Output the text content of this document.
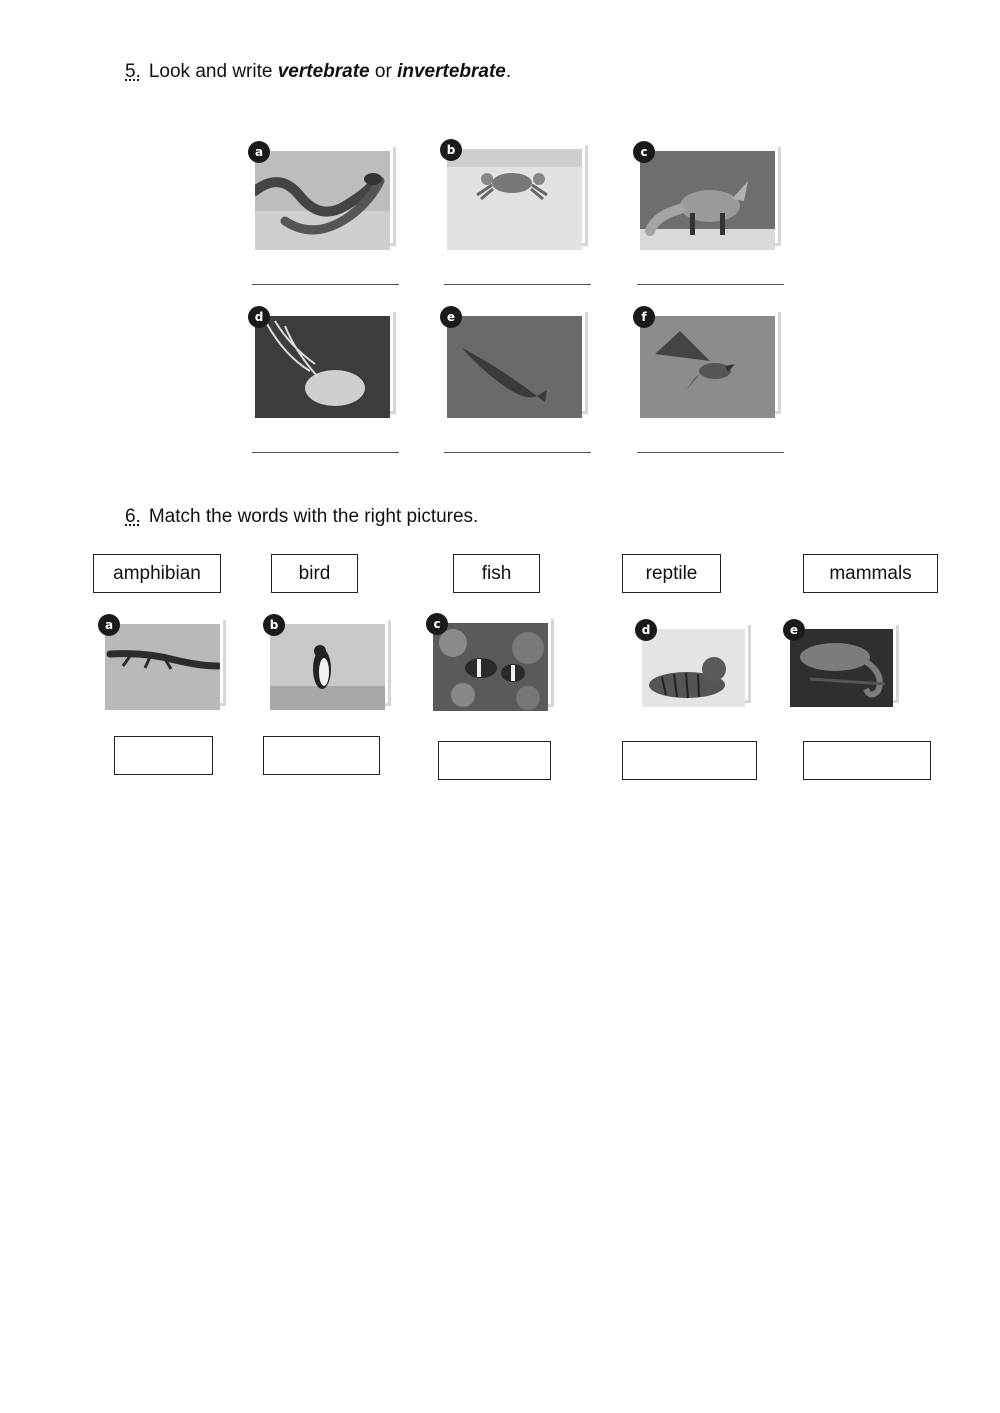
5. Look and write vertebrate or invertebrate.
a	b	c
d	e	f
6. Match the words with the right pictures.
amphibian	bird	fish	reptile	mammals
a	b	c	d	e
